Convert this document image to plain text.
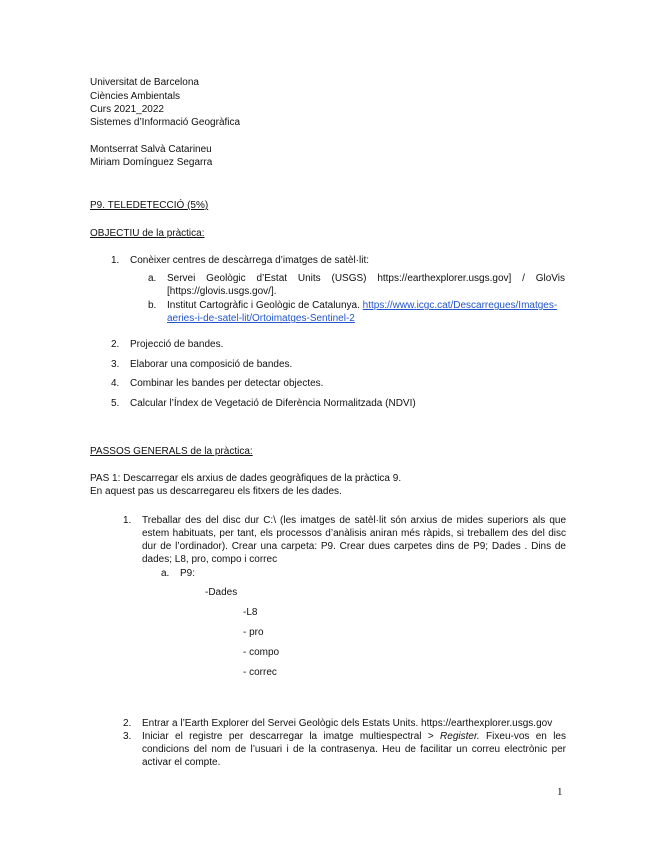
Universitat de Barcelona
Ciències Ambientals
Curs 2021_2022
Sistemes d’Informació Geogràfica
Montserrat Salvà Catarineu
Miriam Domínguez Segarra
P9. TELEDETECCIÓ (5%)
OBJECTIU de la pràctica:
1. Conèixer centres de descàrrega d’imatges de satèl·lit:
a. Servei Geològic d’Estat Units (USGS) https://earthexplorer.usgs.gov] / GloVis
[https://glovis.usgs.gov/].
b. Institut Cartogràfic i Geològic de Catalunya. https://www.icgc.cat/Descarregues/Imatges-
aeries-i-de-satel-lit/Ortoimatges-Sentinel-2
2. Projecció de bandes.
3. Elaborar una composició de bandes.
4. Combinar les bandes per detectar objectes.
5. Calcular l’Índex de Vegetació de Diferència Normalitzada (NDVI)
PASSOS GENERALS de la pràctica:
PAS 1: Descarregar els arxius de dades geogràfiques de la pràctica 9.
En aquest pas us descarregareu els fitxers de les dades.
1. Treballar des del disc dur C:\ (les imatges de satèl·lit són arxius de mides superiors als que estem habituats, per tant, els processos d’anàlisis aniran més ràpids, si treballem des del disc dur de l’ordinador). Crear una carpeta: P9. Crear dues carpetes dins de P9; Dades . Dins de dades; L8, pro, compo i correc
a. P9:
-Dades
-L8
- pro
- compo
- correc
2. Entrar a l’Earth Explorer del Servei Geològic dels Estats Units. https://earthexplorer.usgs.gov
3. Iniciar el registre per descarregar la imatge multiespectral > Register. Fixeu-vos en les condicions del nom de l’usuari i de la contrasenya. Heu de facilitar un correu electrònic per activar el compte.
1
